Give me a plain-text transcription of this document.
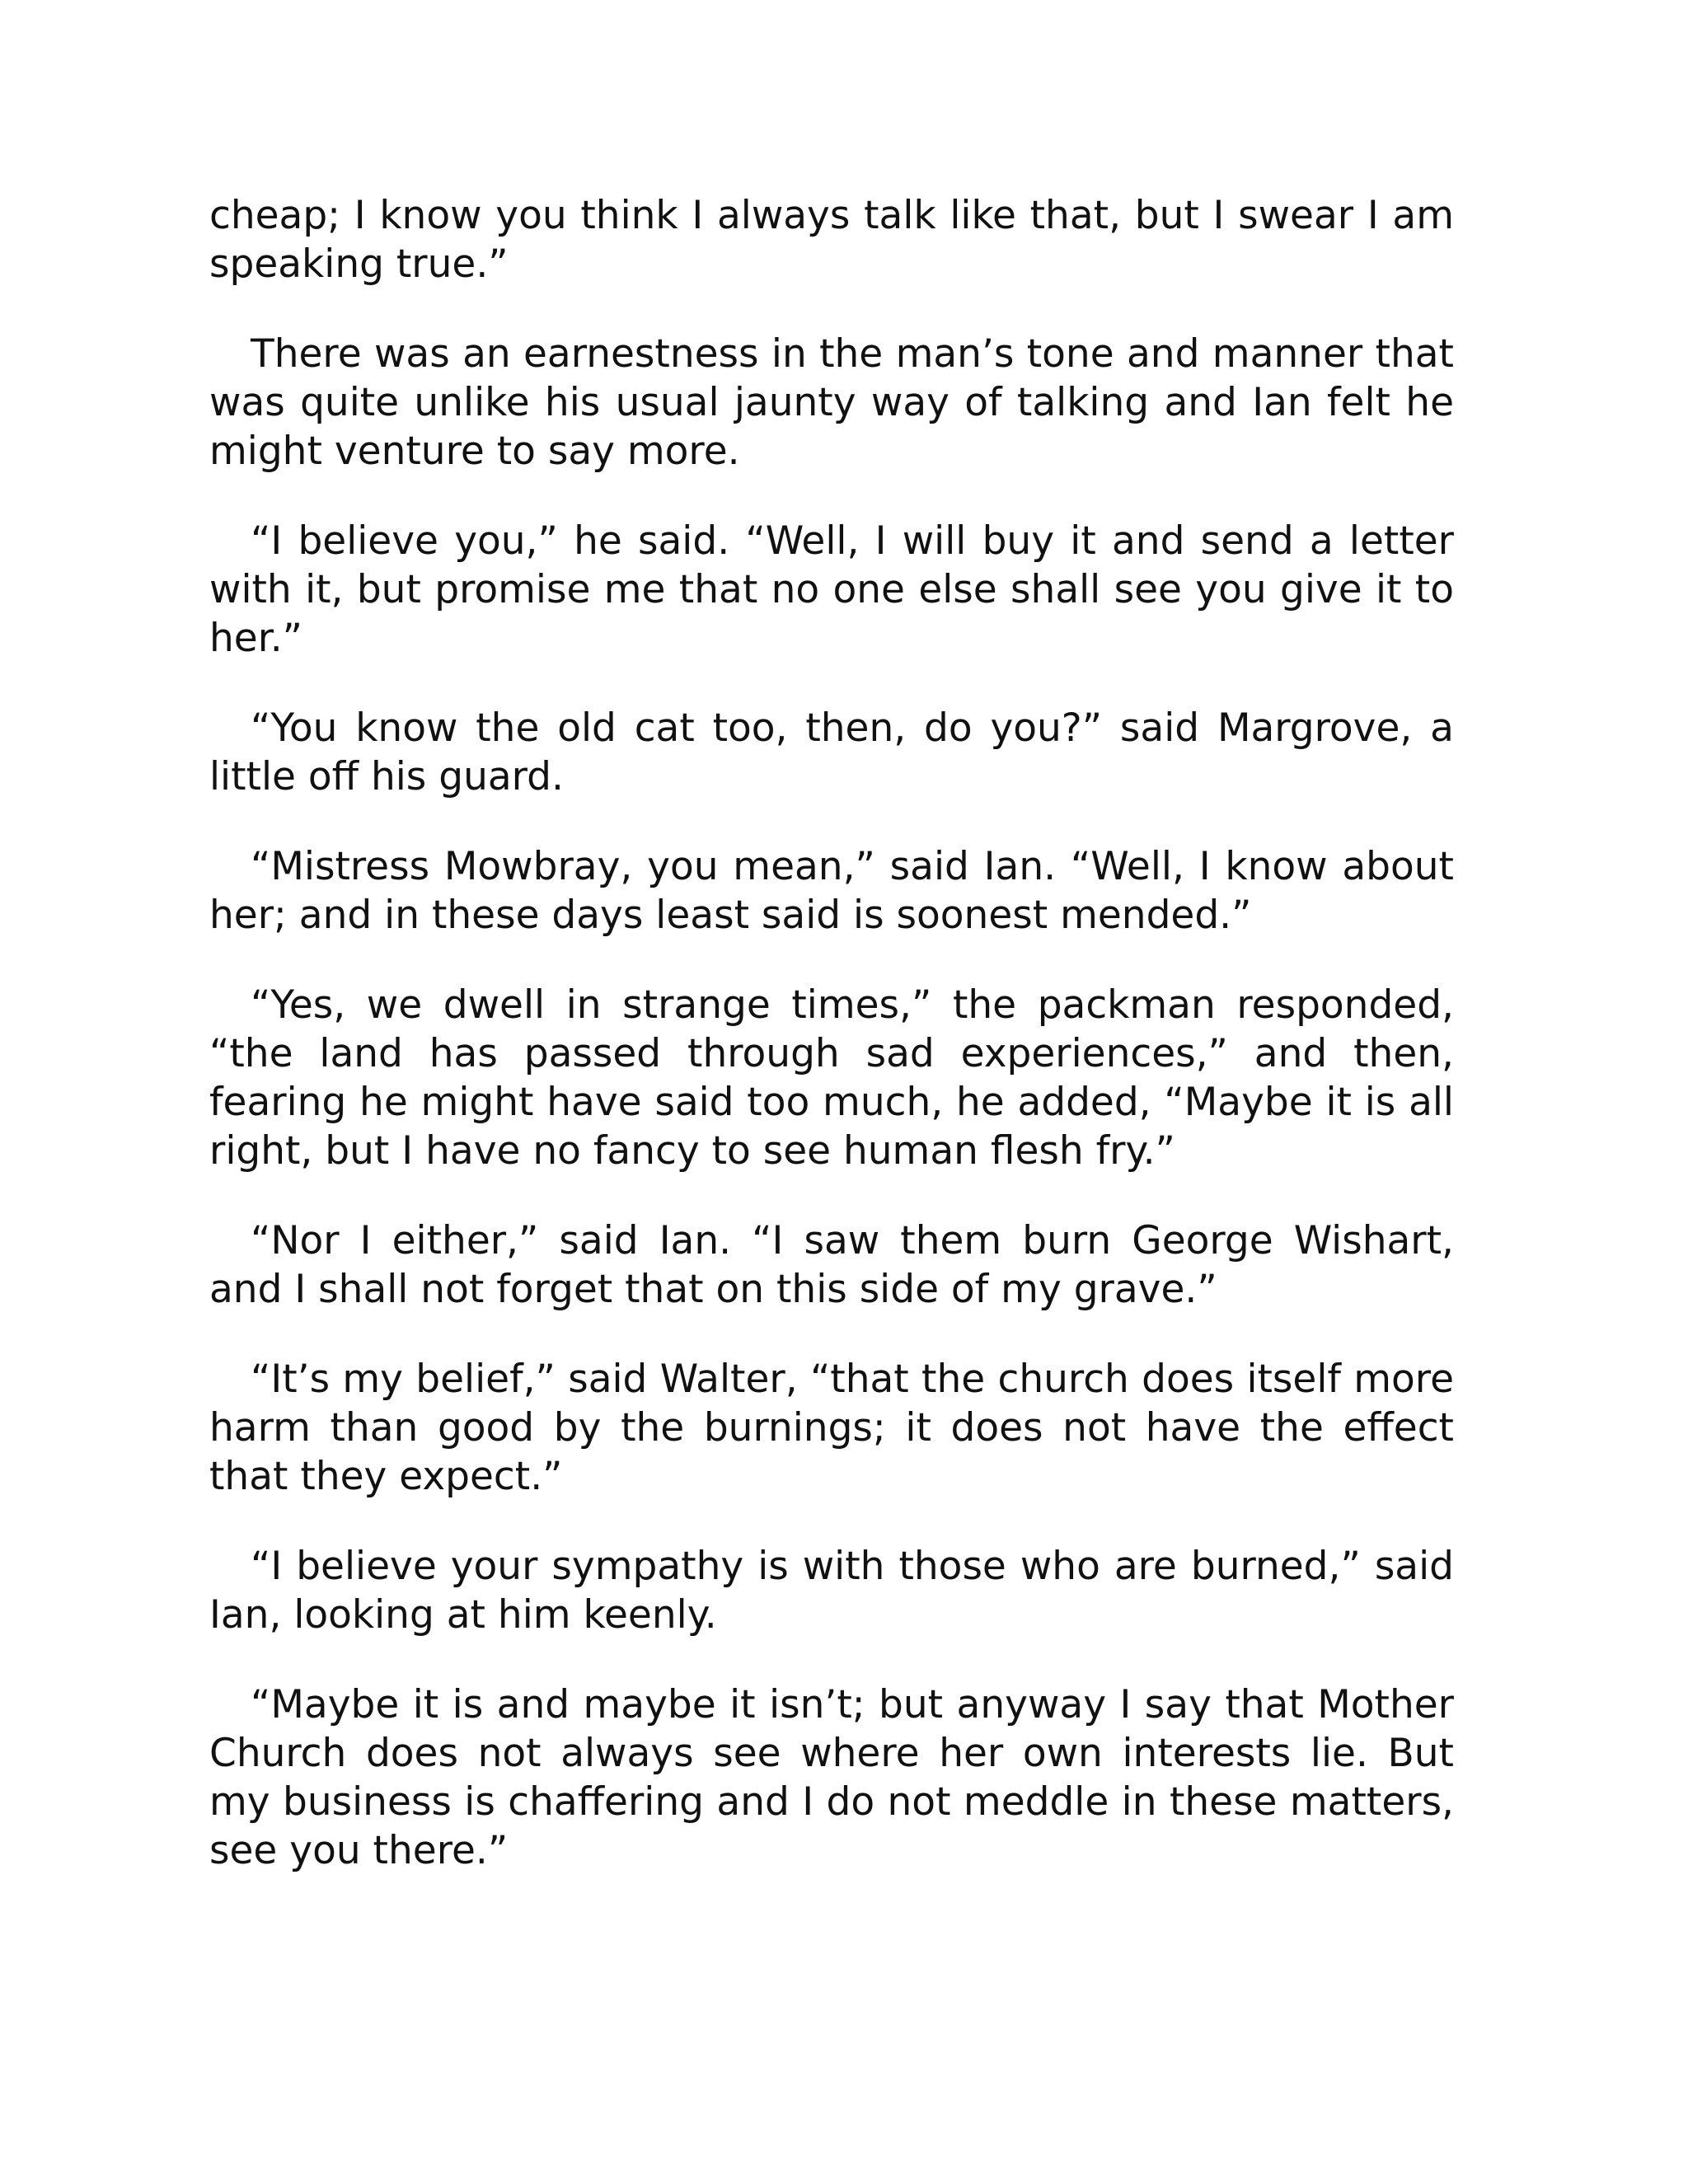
cheap; I know you think I always talk like that, but I swear I am speaking true.”

There was an earnestness in the man’s tone and manner that was quite unlike his usual jaunty way of talking and Ian felt he might venture to say more.

“I believe you,” he said. “Well, I will buy it and send a letter with it, but promise me that no one else shall see you give it to her.”

“You know the old cat too, then, do you?” said Margrove, a little off his guard.

“Mistress Mowbray, you mean,” said Ian. “Well, I know about her; and in these days least said is soonest mended.”

“Yes, we dwell in strange times,” the packman responded, “the land has passed through sad experiences,” and then, fearing he might have said too much, he added, “Maybe it is all right, but I have no fancy to see human flesh fry.”

“Nor I either,” said Ian. “I saw them burn George Wishart, and I shall not forget that on this side of my grave.”

“It’s my belief,” said Walter, “that the church does itself more harm than good by the burnings; it does not have the effect that they expect.”

“I believe your sympathy is with those who are burned,” said Ian, looking at him keenly.

“Maybe it is and maybe it isn’t; but anyway I say that Mother Church does not always see where her own interests lie. But my business is chaffering and I do not meddle in these matters, see you there.”
